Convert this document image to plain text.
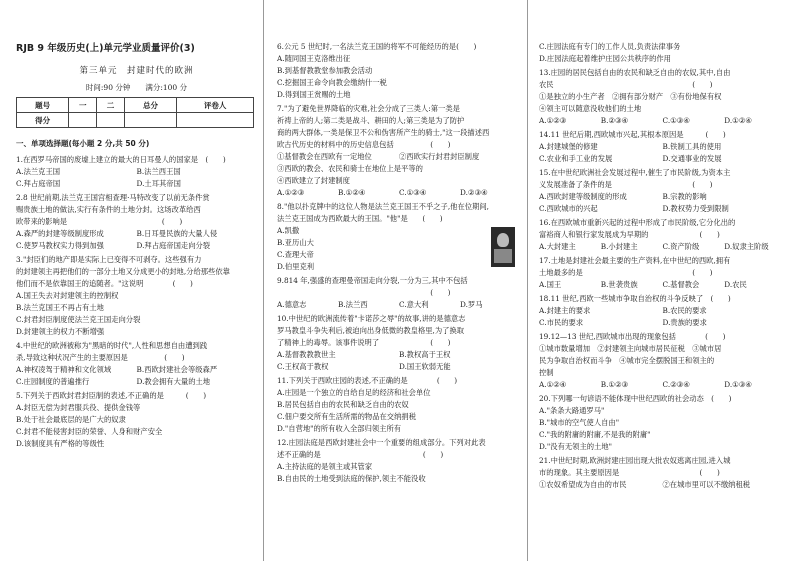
RJB 9 年级历史(上)单元学业质量评价(3)
第三单元　封建时代的欧洲
时间:90 分钟　　满分:100 分
题号	一	二	总分	评卷人
得分				
一、单项选择题(每小题 2 分,共 50 分)

1.在西罗马帝国的废墟上建立的最大的日耳曼人的国家是　(　　)

A.法兰克王国	B.法兰西王国
C.拜占庭帝国	D.土耳其帝国

2.8 世纪前期,法兰克王国宫相查理·马特改变了以前无条件赏

赐贵族土地的做法,实行有条件的土地分封。这场改革给西

欧带来的影响是　　　　　　　　　　　　　(　　)

A.森严的封建等级制度形成	B.日耳曼民族的大量人侵
C.使罗马教权实力得到加强	D.拜占庭帝国走向分裂

3."封臣们的地产即是实际上已变得不可剥夺。这些强有力

的封建领主再把他们的一部分土地又分成更小的封地,分给那些依靠

他们而不是依靠国王的追随者。"这说明　　　　(　　)

A.国王失去对封建领主的控制权

B.法兰克国王不再占有土地

C.封君封臣制度使法兰克王国走向分裂

D.封建领主的权力不断增强

4.中世纪的欧洲被称为"黑暗的时代",人性和思想自由遭到践

杀,导致这种状况产生的主要原因是　　　　　(　　)

A.神权凌驾于精神和文化领域	B.西欧封建社会等级森严
C.庄园制度的普遍推行	D.教会拥有大量的土地

5.下列关于西欧封君封臣制的表述,不正确的是　　　(　　)

A.封臣无偿为封君服兵役、提供金钱等

B.处于社会最底层的是广大的奴隶

C.封君不能侵害封臣的荣誉、人身和财产安全

D.该制度具有严格的等级性

6.公元 5 世纪时,一名法兰克王国的将军不可能经历的是(　　)

A.随同国王克洛维出征

B.到基督教教堂参加教会活动

C.挖掘国王命令向教会缴纳什一税

D.得到国王赏赐的土地

7."为了避免世界降临的灾难,社会分成了三类人:第一类是

祈祷上帝的人;第二类是战斗、耕田的人;第三类是为了防护

商的两大群体,一类是保卫不公和伪害所产生的骑士,"这一段描述西

欧古代历史的材料中的历史信息包括　　　　　(　　)

①基督教会在西欧有一定地位	②西欧实行封君封臣制度

③西欧的教会、农民和骑士在地位上是平等的

④西欧建立了封建制度

A.①②③	B.①②④	C.①③④	D.②③④

8."他以扑克牌中的这位人物是法兰克王国王不乎之子,他在位期间,

法兰克王国成为西欧最大的王国。"他"是　　(　　)

A.凯撒

B.亚历山大

C.查理大帝

D.伯里克利

9.814 年,强盛的查理曼帝国走向分裂,一分为三,其中不包括

　　　　　　　　　　　　　　　　　　　　　(　　)

A.德意志	B.法兰西	C.意大利	D.罗马

10.中世纪的欧洲流传着"卡诺莎之辱"的故事,讲的是德意志

罗马教皇斗争失利后,被迫向出身低微的教皇格里,为了换取

了精神上的毒辱。该事件说明了　　　　　　　(　　)

A.基督教教教世主	B.教权高于王权
C.王权高于教权	D.国王软弱无能

11.下列关于西欧庄园的表述,不正确的是　　　　(　　)

A.庄园是一个独立的自给自足的经济和社会单位

B.居民包括自由的农民和缺乏自由的农奴

C.佃户要交所有生活所需的物品在交纳捐税

D."自营地"的所有收入全部归领主所有

12.庄园法庭是西欧封建社会中一个重要的组成部分。下列对此表

述不正确的是　　　　　　　　　　　　　　(　　)

A.主持法庭的是领主或其管家

B.自由民的土地受到法庭的保护,领主不能没收

C.庄园法庭有专门的工作人员,负责法律事务

D.庄园法庭起着维护庄园公共秩序的作用

13.庄园的居民包括自由的农民和缺乏自由的农奴,其中,自由

农民　　　　　　　　　　　　　　　　　　　(　　)

①是独立的小生产者　 ②拥有部分财产　 ③有份地保有权

④领主可以随意没收他们的土地

A.①②③	B.②③④	C.①③④	D.①②④

14.11 世纪后期,西欧城市兴起,其根本原因是　　　(　　)

A.封建城堡的修建	B.铁制工具的使用
C.农业和手工业的发展	D.交通事业的发展

15.在中世纪欧洲社会发展过程中,催生了市民阶级,为资本主

义发展准备了条件的是　　　　　　　　　　　(　　)

A.西欧封建等级制度的形成	B.宗教的影响
C.西欧城市的兴起	D.教权势力受到限制

16.在西欧城市重新兴起的过程中形成了市民阶级,它分化出的

富裕商人和银行家发展成为早期的　　　　　　　(　　)

A.大封建主	B.小封建主	C.资产阶级	D.奴隶主阶级

17.土地是封建社会最主要的生产资料,在中世纪的西欧,拥有

土地最多的是　　　　　　　　　　　　　　　(　　)

A.国王	B.世袭贵族	C.基督教会	D.农民

18.11 世纪,西欧一些城市争取自治权的斗争反映了　(　　)

A.封建主的要求	B.农民的要求
C.市民的要求	D.贵族的要求

19.12—13 世纪,西欧城市出现的现象包括　　　　(　　)

①城市数量增加　 ②封建领主向城市居民征税　 ③城市居

民为争取自治权而斗争　 ④城市完全摆脱国王和领主的

控制

A.①②④	B.①②③	C.②③④	D.①③④

20.下列哪一句谚语不能体现中世纪西欧的社会动态　(　　)

A."条条大路通罗马"

B."城市的空气使人自由"

C."我的附庸的附庸,不是我的附庸"

D."没有无领主的土地"

21.中世纪时期,欧洲封建庄园出现大批农奴逃离庄园,进入城

市的现象。其主要原因是　　　　　　　　　　　(　　)

①农奴希望成为自由的市民	②在城市里可以不缴纳租税
